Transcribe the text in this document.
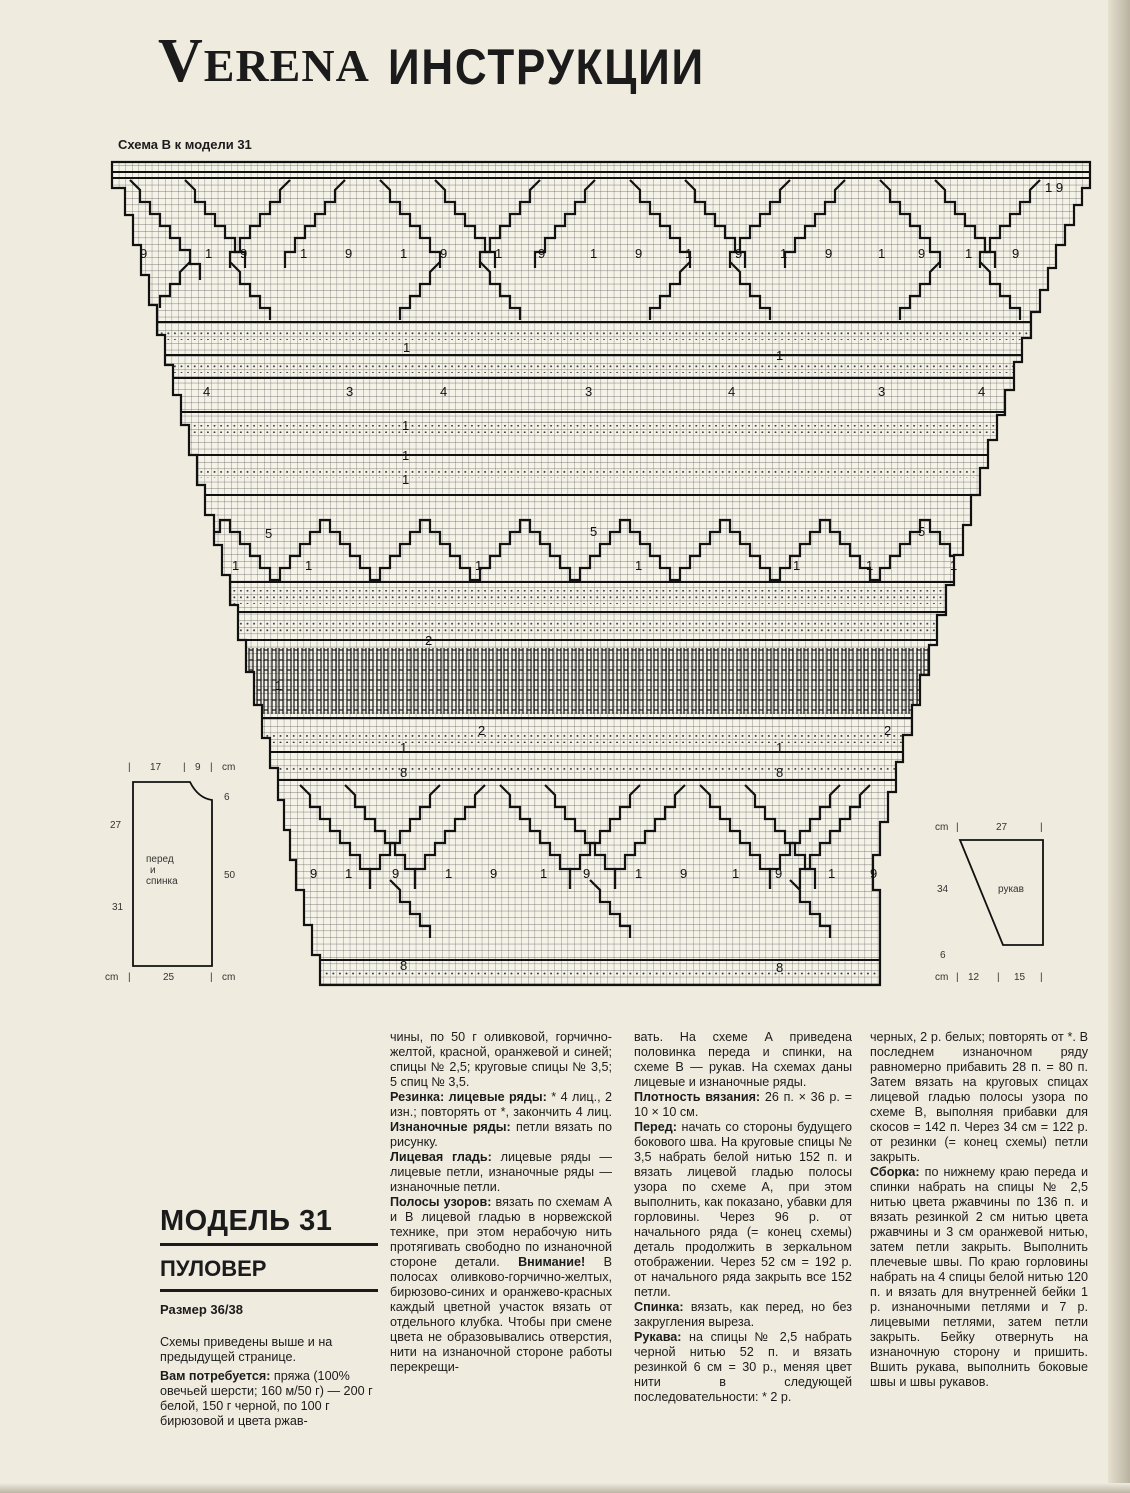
VERENA ИНСТРУКЦИИ
Схема В к модели 31
9
1 9
1 9	1	9	1	9	1	9	1	9	1	9	1	9	1	9	1	9
1
1
4	3	4	3	4	3	4
1
1
1
5	5	5
1	1	1	1	1	1	1
2
1
2	2
1	1
8	8
9 1	9	1	9	1	9	1	9	1	9	1	9
8	8
| 17 | 9 | cm
6
27
50
31
перед
и
спинка
cm |	25	| cm
cm |	27	|
34
6
рукав
cm | 12 | 15 |
МОДЕЛЬ 31
ПУЛОВЕР
Размер 36/38

Схемы приведены выше и на предыдущей странице.

Вам потребуется: пряжа (100% овечьей шерсти; 160 м/50 г) — 200 г белой, 150 г черной, по 100 г бирюзовой и цвета ржав-

чины, по 50 г оливковой, горчично-желтой, красной, оранжевой и синей; спицы № 2,5; круговые спицы № 3,5; 5 спиц № 3,5.

Резинка: лицевые ряды: * 4 лиц., 2 изн.; повторять от *, закончить 4 лиц. Изнаночные ряды: петли вязать по рисунку.

Лицевая гладь: лицевые ряды — лицевые петли, изнаночные ряды — изнаночные петли.

Полосы узоров: вязать по схемам А и В лицевой гладью в норвежской технике, при этом нерабочую нить протягивать свободно по изнаночной стороне детали. Внимание! В полосах оливково-горчично-желтых, бирюзово-синих и оранжево-красных каждый цветной участок вязать от отдельного клубка. Чтобы при смене цвета не образовывались отверстия, нити на изнаночной стороне работы перекрещи-

вать. На схеме А приведена половинка переда и спинки, на схеме В — рукав. На схемах даны лицевые и изнаночные ряды.

Плотность вязания: 26 п. × 36 р. = 10 × 10 см.

Перед: начать со стороны будущего бокового шва. На круговые спицы № 3,5 набрать белой нитью 152 п. и вязать лицевой гладью полосы узора по схеме А, при этом выполнить, как показано, убавки для горловины. Через 96 р. от начального ряда (= конец схемы) деталь продолжить в зеркальном отображении. Через 52 см = 192 р. от начального ряда закрыть все 152 петли.

Спинка: вязать, как перед, но без закругления выреза.

Рукава: на спицы № 2,5 набрать черной нитью 52 п. и вязать резинкой 6 см = 30 р., меняя цвет нити в следующей последовательности: * 2 р.

черных, 2 р. белых; повторять от *. В последнем изнаночном ряду равномерно прибавить 28 п. = 80 п. Затем вязать на круговых спицах лицевой гладью полосы узора по схеме В, выполняя прибавки для скосов = 142 п. Через 34 см = 122 р. от резинки (= конец схемы) петли закрыть.

Сборка: по нижнему краю переда и спинки набрать на спицы № 2,5 нитью цвета ржавчины по 136 п. и вязать резинкой 2 см нитью цвета ржавчины и 3 см оранжевой нитью, затем петли закрыть. Выполнить плечевые швы. По краю горловины набрать на 4 спицы белой нитью 120 п. и вязать для внутренней бейки 1 р. изнаночными петлями и 7 р. лицевыми петлями, затем петли закрыть. Бейку отвернуть на изнаночную сторону и пришить. Вшить рукава, выполнить боковые швы и швы рукавов.
